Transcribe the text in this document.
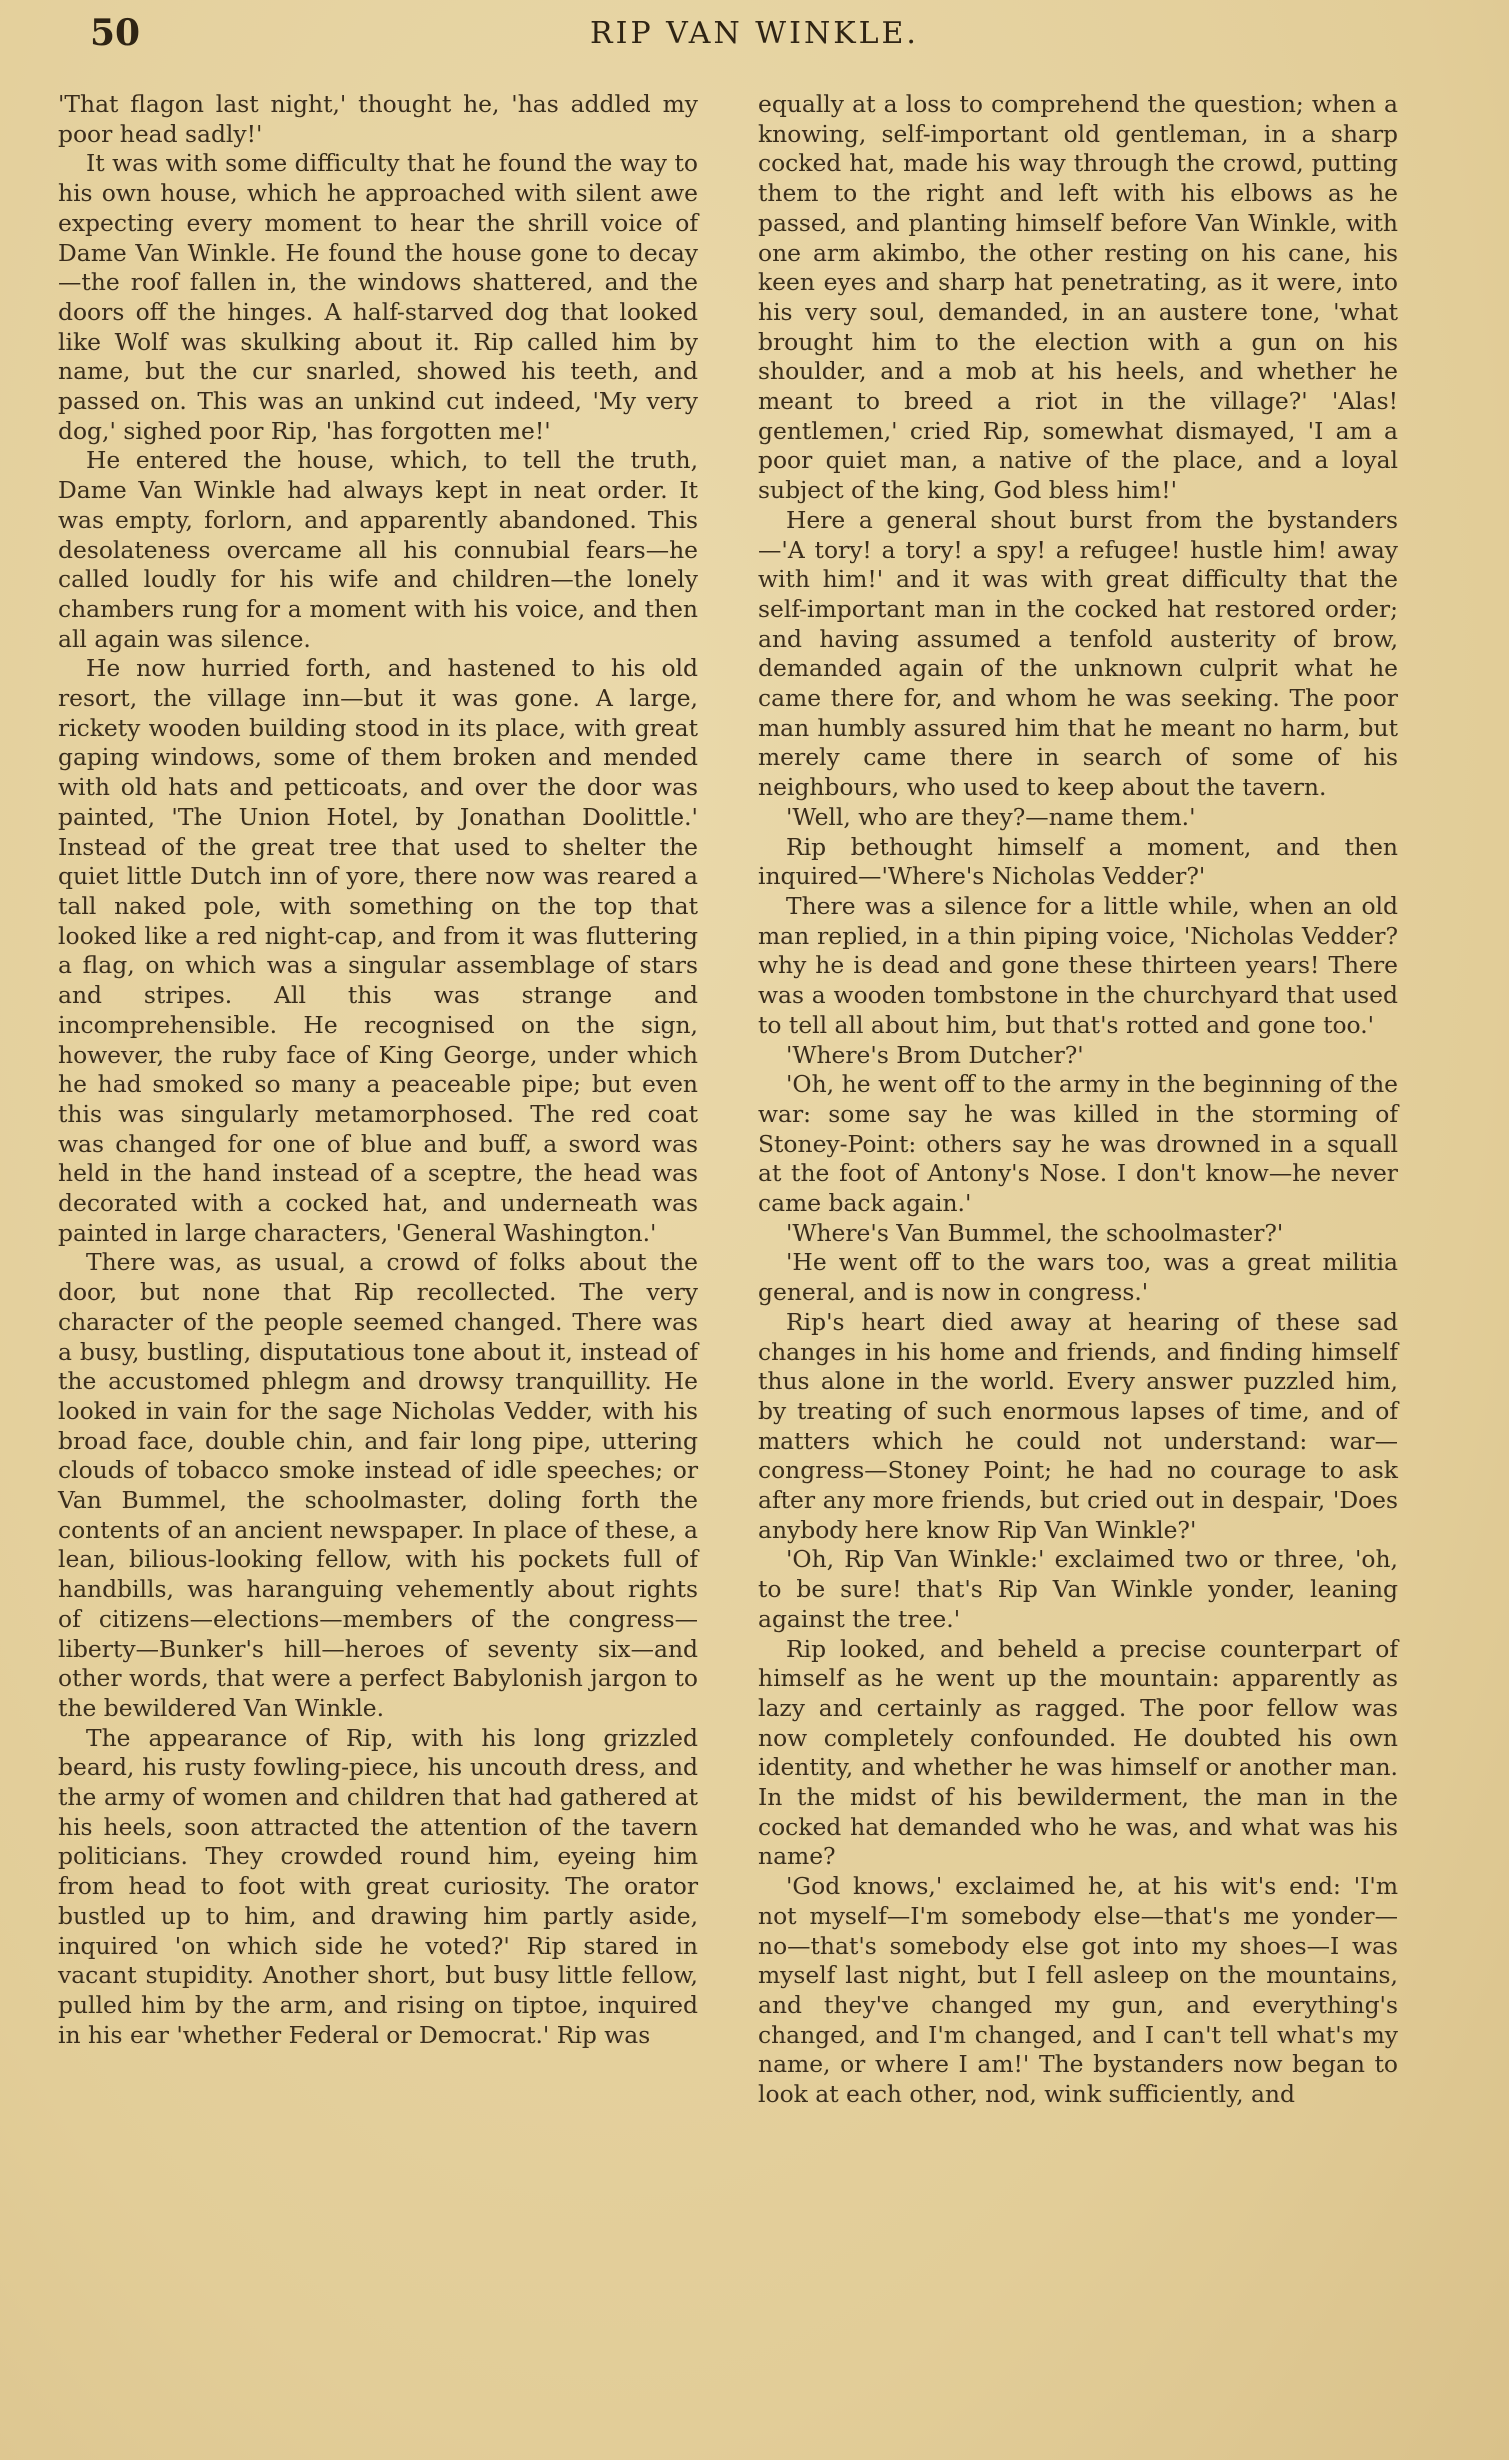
50	RIP VAN WINKLE.

'That flagon last night,' thought he, 'has addled my poor head sadly!'

It was with some difficulty that he found the way to his own house, which he approached with silent awe expecting every moment to hear the shrill voice of Dame Van Winkle. He found the house gone to decay—the roof fallen in, the windows shattered, and the doors off the hinges. A half-starved dog that looked like Wolf was skulking about it. Rip called him by name, but the cur snarled, showed his teeth, and passed on. This was an unkind cut indeed, 'My very dog,' sighed poor Rip, 'has forgotten me!'

He entered the house, which, to tell the truth, Dame Van Winkle had always kept in neat order. It was empty, forlorn, and apparently abandoned. This desolateness overcame all his connubial fears—he called loudly for his wife and children—the lonely chambers rung for a moment with his voice, and then all again was silence.

He now hurried forth, and hastened to his old resort, the village inn—but it was gone. A large, rickety wooden building stood in its place, with great gaping windows, some of them broken and mended with old hats and petticoats, and over the door was painted, 'The Union Hotel, by Jonathan Doolittle.' Instead of the great tree that used to shelter the quiet little Dutch inn of yore, there now was reared a tall naked pole, with something on the top that looked like a red night-cap, and from it was fluttering a flag, on which was a singular assemblage of stars and stripes. All this was strange and incomprehensible. He recognised on the sign, however, the ruby face of King George, under which he had smoked so many a peaceable pipe; but even this was singularly metamorphosed. The red coat was changed for one of blue and buff, a sword was held in the hand instead of a sceptre, the head was decorated with a cocked hat, and underneath was painted in large characters, 'General Washington.'

There was, as usual, a crowd of folks about the door, but none that Rip recollected. The very character of the people seemed changed. There was a busy, bustling, disputatious tone about it, instead of the accustomed phlegm and drowsy tranquillity. He looked in vain for the sage Nicholas Vedder, with his broad face, double chin, and fair long pipe, uttering clouds of tobacco smoke instead of idle speeches; or Van Bummel, the schoolmaster, doling forth the contents of an ancient newspaper. In place of these, a lean, bilious-looking fellow, with his pockets full of handbills, was haranguing vehemently about rights of citizens—elections—members of the congress—liberty—Bunker's hill—heroes of seventy six—and other words, that were a perfect Babylonish jargon to the bewildered Van Winkle.

The appearance of Rip, with his long grizzled beard, his rusty fowling-piece, his uncouth dress, and the army of women and children that had gathered at his heels, soon attracted the attention of the tavern politicians. They crowded round him, eyeing him from head to foot with great curiosity. The orator bustled up to him, and drawing him partly aside, inquired 'on which side he voted?' Rip stared in vacant stupidity. Another short, but busy little fellow, pulled him by the arm, and rising on tiptoe, inquired in his ear 'whether Federal or Democrat.' Rip was

equally at a loss to comprehend the question; when a knowing, self-important old gentleman, in a sharp cocked hat, made his way through the crowd, putting them to the right and left with his elbows as he passed, and planting himself before Van Winkle, with one arm akimbo, the other resting on his cane, his keen eyes and sharp hat penetrating, as it were, into his very soul, demanded, in an austere tone, 'what brought him to the election with a gun on his shoulder, and a mob at his heels, and whether he meant to breed a riot in the village?' 'Alas! gentlemen,' cried Rip, somewhat dismayed, 'I am a poor quiet man, a native of the place, and a loyal subject of the king, God bless him!'

Here a general shout burst from the bystanders—'A tory! a tory! a spy! a refugee! hustle him! away with him!' and it was with great difficulty that the self-important man in the cocked hat restored order; and having assumed a tenfold austerity of brow, demanded again of the unknown culprit what he came there for, and whom he was seeking. The poor man humbly assured him that he meant no harm, but merely came there in search of some of his neighbours, who used to keep about the tavern.

'Well, who are they?—name them.'

Rip bethought himself a moment, and then inquired—'Where's Nicholas Vedder?'

There was a silence for a little while, when an old man replied, in a thin piping voice, 'Nicholas Vedder? why he is dead and gone these thirteen years! There was a wooden tombstone in the churchyard that used to tell all about him, but that's rotted and gone too.'

'Where's Brom Dutcher?'

'Oh, he went off to the army in the beginning of the war: some say he was killed in the storming of Stoney-Point: others say he was drowned in a squall at the foot of Antony's Nose. I don't know—he never came back again.'

'Where's Van Bummel, the schoolmaster?'

'He went off to the wars too, was a great militia general, and is now in congress.'

Rip's heart died away at hearing of these sad changes in his home and friends, and finding himself thus alone in the world. Every answer puzzled him, by treating of such enormous lapses of time, and of matters which he could not understand: war—congress—Stoney Point; he had no courage to ask after any more friends, but cried out in despair, 'Does anybody here know Rip Van Winkle?'

'Oh, Rip Van Winkle:' exclaimed two or three, 'oh, to be sure! that's Rip Van Winkle yonder, leaning against the tree.'

Rip looked, and beheld a precise counterpart of himself as he went up the mountain: apparently as lazy and certainly as ragged. The poor fellow was now completely confounded. He doubted his own identity, and whether he was himself or another man. In the midst of his bewilderment, the man in the cocked hat demanded who he was, and what was his name?

'God knows,' exclaimed he, at his wit's end: 'I'm not myself—I'm somebody else—that's me yonder—no—that's somebody else got into my shoes—I was myself last night, but I fell asleep on the mountains, and they've changed my gun, and everything's changed, and I'm changed, and I can't tell what's my name, or where I am!' The bystanders now began to look at each other, nod, wink sufficiently, and
